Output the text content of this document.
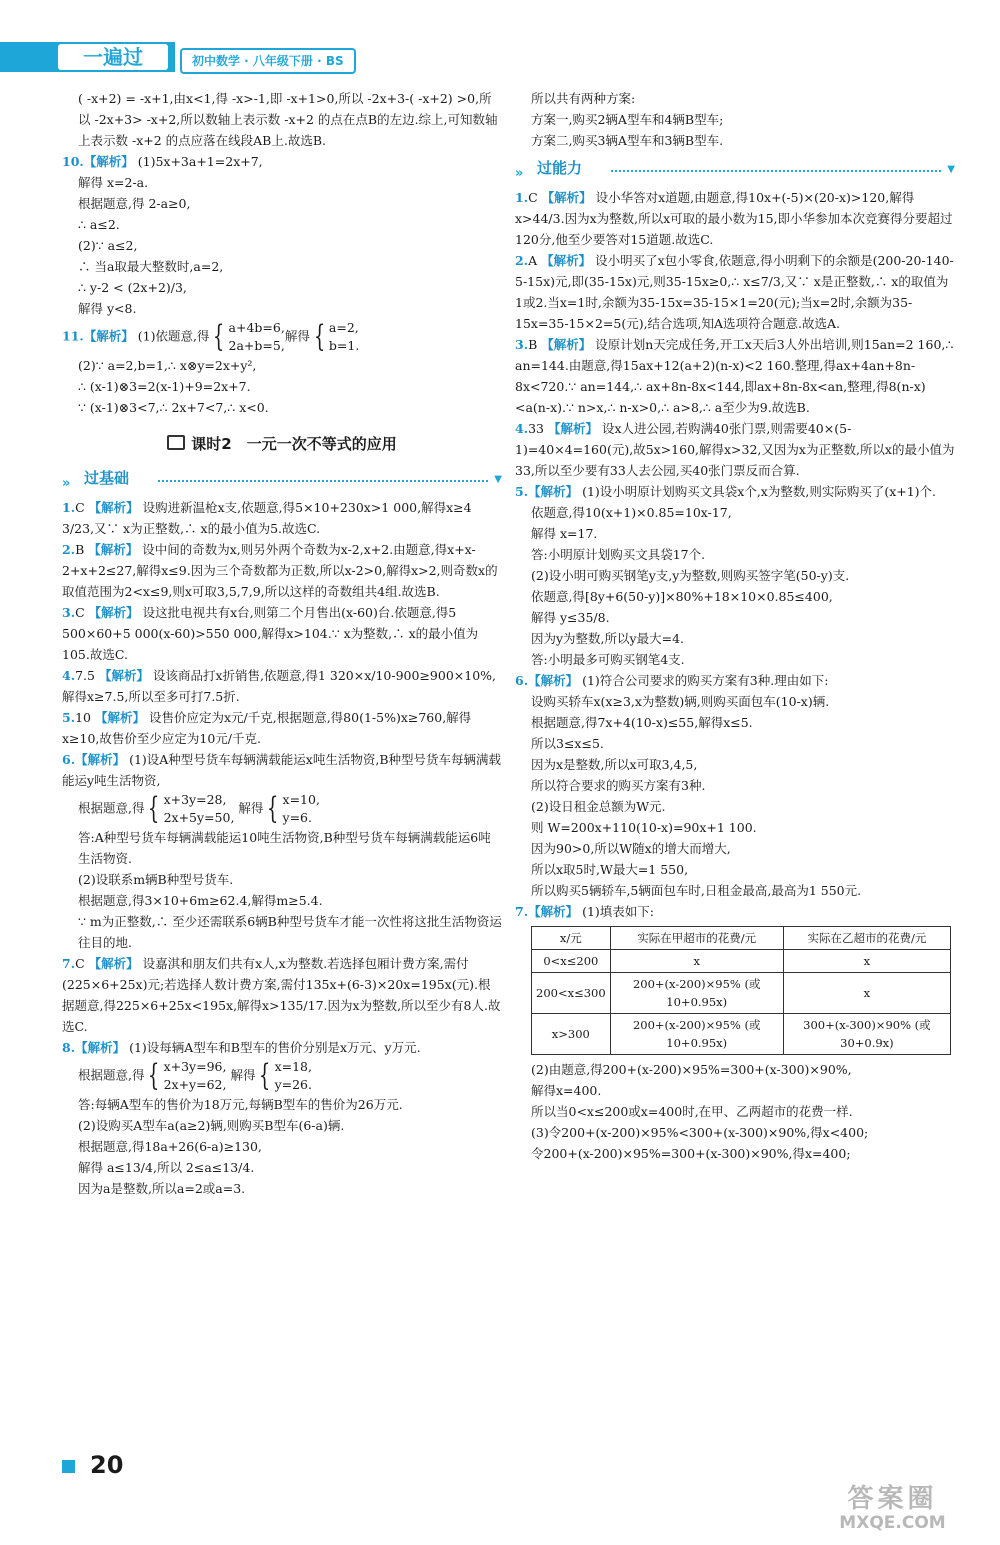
一遍过	初中数学 · 八年级下册 · BS

( -x+2) = -x+1,由x<1,得 -x>-1,即 -x+1>0,所以 -2x+3-( -x+2) >0,所以 -2x+3> -x+2,所以数轴上表示数 -x+2 的点在点B的左边.综上,可知数轴上表示数 -x+2 的点应落在线段AB上.故选B.

10.【解析】 (1)5x+3a+1=2x+7,

解得 x=2-a.

根据题意,得 2-a≥0,

∴ a≤2.

(2)∵ a≤2,

∴ 当a取最大整数时,a=2,

∴ y-2 < (2x+2)/3,

解得 y<8.

11.【解析】 (1)依题意,得 { a+4b=6,
2a+b=5,解得 { a=2,
b=1.

(2)∵ a=2,b=1,∴ x⊗y=2x+y²,

∴ (x-1)⊗3=2(x-1)+9=2x+7.

∵ (x-1)⊗3<7,∴ 2x+7<7,∴ x<0.

课时2　一元一次不等式的应用
» 过基础	▼

1.C 【解析】 设购进新温枪x支,依题意,得5×10+230x>1 000,解得x≥4 3/23,又∵ x为正整数,∴ x的最小值为5.故选C.

2.B 【解析】 设中间的奇数为x,则另外两个奇数为x-2,x+2.由题意,得x+x-2+x+2≤27,解得x≤9.因为三个奇数都为正数,所以x-2>0,解得x>2,则奇数x的取值范围为2<x≤9,则x可取3,5,7,9,所以这样的奇数组共4组.故选B.

3.C 【解析】 设这批电视共有x台,则第二个月售出(x-60)台.依题意,得5 500×60+5 000(x-60)>550 000,解得x>104.∵ x为整数,∴ x的最小值为105.故选C.

4.7.5 【解析】 设该商品打x折销售,依题意,得1 320×x/10-900≥900×10%,解得x≥7.5,所以至多可打7.5折.

5.10 【解析】 设售价应定为x元/千克,根据题意,得80(1-5%)x≥760,解得x≥10,故售价至少应定为10元/千克.

6.【解析】 (1)设A种型号货车每辆满载能运x吨生活物资,B种型号货车每辆满载能运y吨生活物资,

根据题意,得 { x+3y=28,
2x+5y=50, 解得 { x=10,
y=6.

答:A种型号货车每辆满载能运10吨生活物资,B种型号货车每辆满载能运6吨生活物资.

(2)设联系m辆B种型号货车.

根据题意,得3×10+6m≥62.4,解得m≥5.4.

∵ m为正整数,∴ 至少还需联系6辆B种型号货车才能一次性将这批生活物资运往目的地.

7.C 【解析】 设嘉淇和朋友们共有x人,x为整数.若选择包厢计费方案,需付(225×6+25x)元;若选择人数计费方案,需付135x+(6-3)×20x=195x(元).根据题意,得225×6+25x<195x,解得x>135/17.因为x为整数,所以至少有8人.故选C.

8.【解析】 (1)设每辆A型车和B型车的售价分别是x万元、y万元.

根据题意,得 { x+3y=96,
2x+y=62, 解得 { x=18,
y=26.

答:每辆A型车的售价为18万元,每辆B型车的售价为26万元.

(2)设购买A型车a(a≥2)辆,则购买B型车(6-a)辆.

根据题意,得18a+26(6-a)≥130,

解得 a≤13/4,所以 2≤a≤13/4.

因为a是整数,所以a=2或a=3.

所以共有两种方案:

方案一,购买2辆A型车和4辆B型车;

方案二,购买3辆A型车和3辆B型车.

» 过能力	▼

1.C 【解析】 设小华答对x道题,由题意,得10x+(-5)×(20-x)>120,解得x>44/3.因为x为整数,所以x可取的最小数为15,即小华参加本次竞赛得分要超过120分,他至少要答对15道题.故选C.

2.A 【解析】 设小明买了x包小零食,依题意,得小明剩下的余额是(200-20-140-5-15x)元,即(35-15x)元,则35-15x≥0,∴ x≤7/3,又∵ x是正整数,∴ x的取值为1或2.当x=1时,余额为35-15x=35-15×1=20(元);当x=2时,余额为35-15x=35-15×2=5(元),结合选项,知A选项符合题意.故选A.

3.B 【解析】 设原计划n天完成任务,开工x天后3人外出培训,则15an=2 160,∴ an=144.由题意,得15ax+12(a+2)(n-x)<2 160.整理,得ax+4an+8n-8x<720.∵ an=144,∴ ax+8n-8x<144,即ax+8n-8x<an,整理,得8(n-x)<a(n-x).∵ n>x,∴ n-x>0,∴ a>8,∴ a至少为9.故选B.

4.33 【解析】 设x人进公园,若购满40张门票,则需要40×(5-1)=40×4=160(元),故5x>160,解得x>32,又因为x为正整数,所以x的最小值为33,所以至少要有33人去公园,买40张门票反而合算.

5.【解析】 (1)设小明原计划购买文具袋x个,x为整数,则实际购买了(x+1)个.

依题意,得10(x+1)×0.85=10x-17,

解得 x=17.

答:小明原计划购买文具袋17个.

(2)设小明可购买钢笔y支,y为整数,则购买签字笔(50-y)支.

依题意,得[8y+6(50-y)]×80%+18×10×0.85≤400,

解得 y≤35/8.

因为y为整数,所以y最大=4.

答:小明最多可购买钢笔4支.

6.【解析】 (1)符合公司要求的购买方案有3种.理由如下:

设购买轿车x(x≥3,x为整数)辆,则购买面包车(10-x)辆.

根据题意,得7x+4(10-x)≤55,解得x≤5.

所以3≤x≤5.

因为x是整数,所以x可取3,4,5,

所以符合要求的购买方案有3种.

(2)设日租金总额为W元.

则 W=200x+110(10-x)=90x+1 100.

因为90>0,所以W随x的增大而增大,

所以x取5时,W最大=1 550,

所以购买5辆轿车,5辆面包车时,日租金最高,最高为1 550元.

7.【解析】 (1)填表如下:

x/元	实际在甲超市的花费/元	实际在乙超市的花费/元
0<x≤200	x	x
200<x≤300	200+(x-200)×95% (或10+0.95x)	x
x>300	200+(x-200)×95% (或10+0.95x)	300+(x-300)×90% (或30+0.9x)

(2)由题意,得200+(x-200)×95%=300+(x-300)×90%,

解得x=400.

所以当0<x≤200或x=400时,在甲、乙两超市的花费一样.

(3)令200+(x-200)×95%<300+(x-300)×90%,得x<400;

令200+(x-200)×95%=300+(x-300)×90%,得x=400;

20
答案圈
MXQE.COM
